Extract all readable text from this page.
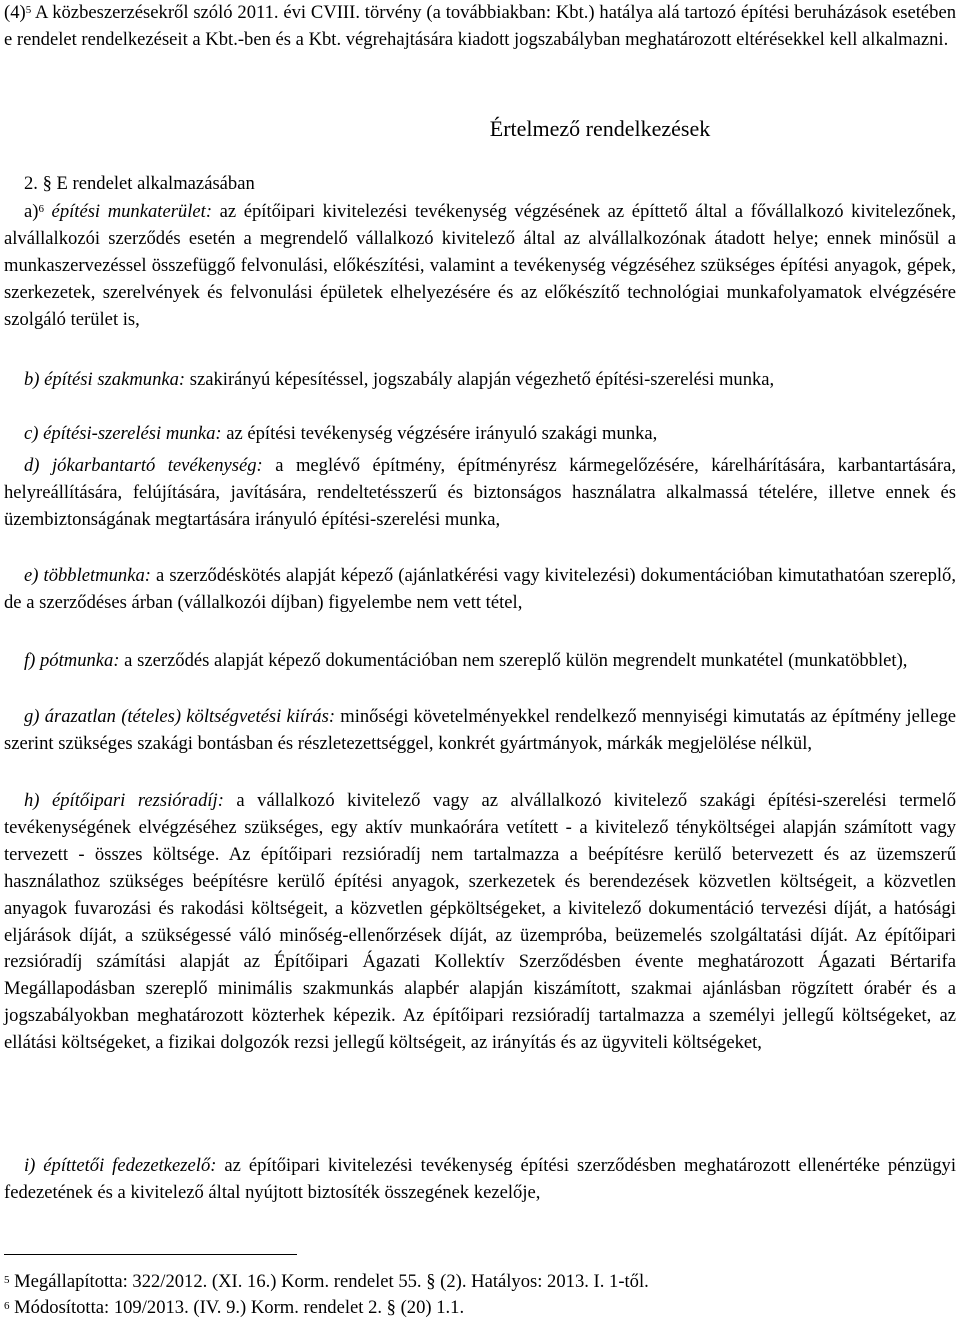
$(4)^5$ A közbeszerzésekről szóló 2011. évi CVIII. törvény (a továbbiakban: Kbt.) hatálya alá tartozó építési beruházások esetében e rendelet rendelkezéseit a Kbt.-ben és a Kbt. végrehajtására kiadott jogszabályban meghatározott eltérésekkel kell alkalmazni.

Értelmező rendelkezések

2. § E rendelet alkalmazásában

a)$^6$ építési munkaterület: az építőipari kivitelezési tevékenység végzésének az építtető által a fővállalkozó kivitelezőnek, alvállalkozói szerződés esetén a megrendelő vállalkozó kivitelező által az alvállalkozónak átadott helye; ennek minősül a munkaszervezéssel összefüggő felvonulási, előkészítési, valamint a tevékenység végzéséhez szükséges építési anyagok, gépek, szerkezetek, szerelvények és felvonulási épületek elhelyezésére és az előkészítő technológiai munkafolyamatok elvégzésére szolgáló terület is,

b) építési szakmunka: szakirányú képesítéssel, jogszabály alapján végezhető építési-szerelési munka,

c) építési-szerelési munka: az építési tevékenység végzésére irányuló szakági munka,

d) jókarbantartó tevékenység: a meglévő építmény, építményrész kármegelőzésére, kárelhárítására, karbantartására, helyreállítására, felújítására, javítására, rendeltetésszerű és biztonságos használatra alkalmassá tételére, illetve ennek és üzembiztonságának megtartására irányuló építési-szerelési munka,

e) többletmunka: a szerződéskötés alapját képező (ajánlatkérési vagy kivitelezési) dokumentációban kimutathatóan szereplő, de a szerződéses árban (vállalkozói díjban) figyelembe nem vett tétel,

f) pótmunka: a szerződés alapját képező dokumentációban nem szereplő külön megrendelt munkatétel (munkatöbblet),

g) árazatlan (tételes) költségvetési kiírás: minőségi követelményekkel rendelkező mennyiségi kimutatás az építmény jellege szerint szükséges szakági bontásban és részletezettséggel, konkrét gyártmányok, márkák megjelölése nélkül,

h) építőipari rezsióradíj: a vállalkozó kivitelező vagy az alvállalkozó kivitelező szakági építési-szerelési termelő tevékenységének elvégzéséhez szükséges, egy aktív munkaórára vetített - a kivitelező tényköltségei alapján számított vagy tervezett - összes költsége. Az építőipari rezsióradíj nem tartalmazza a beépítésre kerülő betervezett és az üzemszerű használathoz szükséges beépítésre kerülő építési anyagok, szerkezetek és berendezések közvetlen költségeit, a közvetlen anyagok fuvarozási és rakodási költségeit, a közvetlen gépköltségeket, a kivitelező dokumentáció tervezési díját, a hatósági eljárások díját, a szükségessé váló minőség-ellenőrzések díját, az üzempróba, beüzemelés szolgáltatási díját. Az építőipari rezsióradíj számítási alapját az Építőipari Ágazati Kollektív Szerződésben évente meghatározott Ágazati Bértarifa Megállapodásban szereplő minimális szakmunkás alapbér alapján kiszámított, szakmai ajánlásban rögzített órabér és a jogszabályokban meghatározott közterhek képezik. Az építőipari rezsióradíj tartalmazza a személyi jellegű költségeket, az ellátási költségeket, a fizikai dolgozók rezsi jellegű költségeit, az irányítás és az ügyviteli költségeket,

i) építtetői fedezetkezelő: az építőipari kivitelezési tevékenység építési szerződésben meghatározott ellenértéke pénzügyi fedezetének és a kivitelező által nyújtott biztosíték összegének kezelője,

$^5$ Megállapította: 322/2012. (XI. 16.) Korm. rendelet 55. § (2). Hatályos: 2013. I. 1-től.
$^6$ Módosította: 109/2013. (IV. 9.) Korm. rendelet 2. § (20) 1.1.
